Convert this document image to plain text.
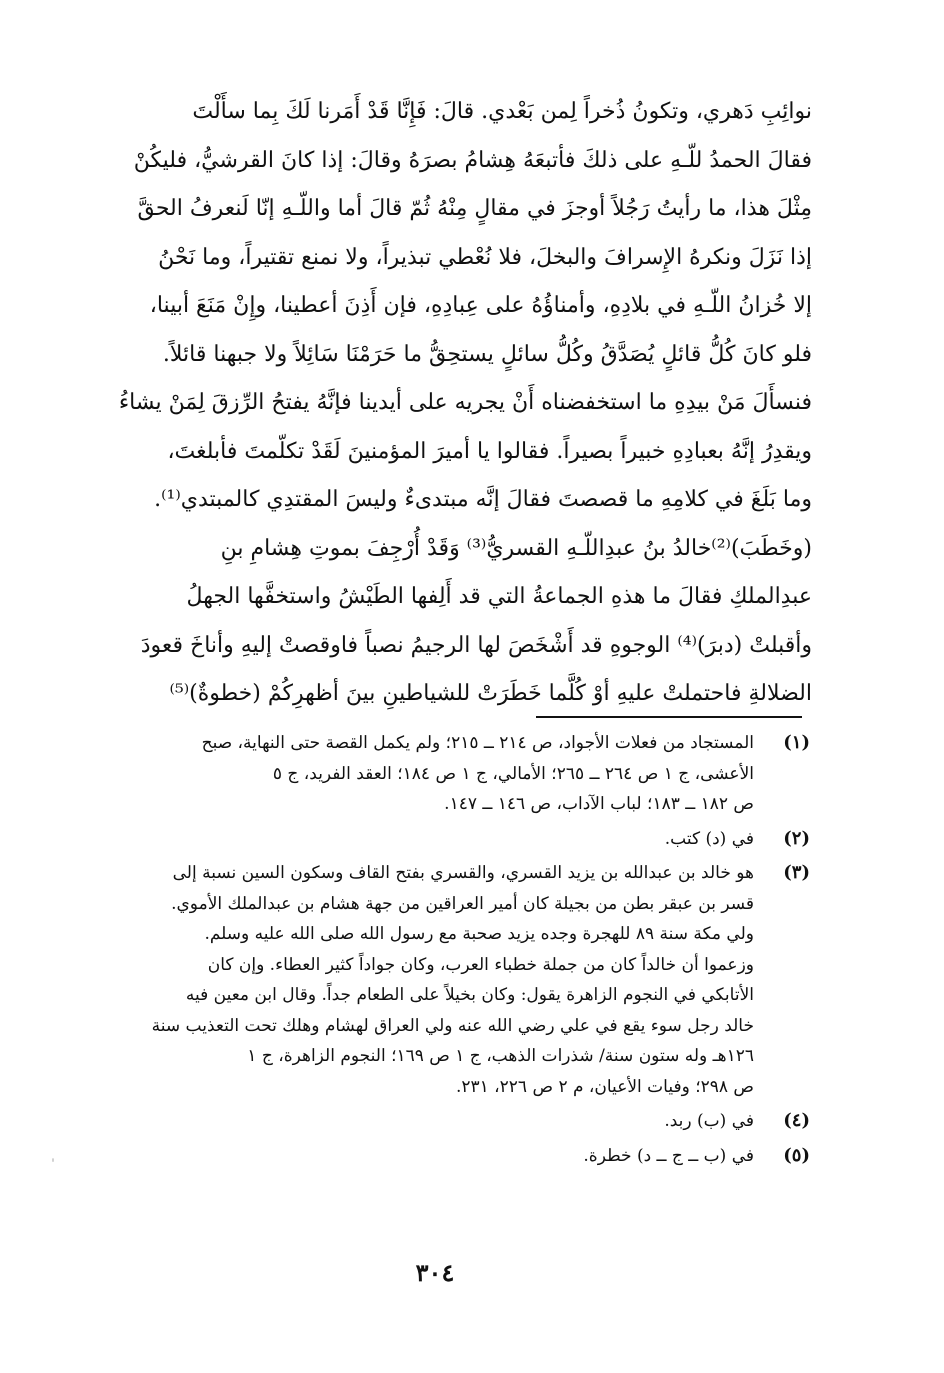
نوائِبِ دَهري، وتكونُ ذُخراً لِمن بَعْدي. قالَ: فَإِنَّا قَدْ أَمَرنا لَكَ بِما سأَلْتَ
فقالَ الحمدُ للّـهِ على ذلكَ فأتبعَهُ هِشامُ بصرَهُ وقالَ: إذا كانَ القرشيُّ، فليكُنْ
مِثْلَ هذا، ما رأيتُ رَجُلاً أوجزَ في مقالٍ مِنْهُ ثُمّ قالَ أما واللّـهِ إنّا لَنعرفُ الحقَّ
إذا نَزَلَ ونكرهُ الإِسرافَ والبخلَ، فلا نُعْطي تبذيراً، ولا نمنع تقتيراً، وما نَحْنُ
إلا خُزانُ اللّـهِ في بلادِهِ، وأمناؤُهُ على عِبادِهِ، فإن أَذِنَ أعطينا، وإِنْ مَنَعَ أبينا،
فلو كانَ كُلُّ قائلٍ يُصَدَّقُ وكُلُّ سائلٍ يستحِقُّ ما حَرَمْنَا سَائِلاً ولا جبهنا قائلاً.
فنسأَلَ مَنْ بيدِهِ ما استخفضناه أَنْ يجريه على أيدينا فإنَّهُ يفتحُ الرِّزقَ لِمَنْ يشاءُ
ويقدِرُ إنَّهُ بعبادِهِ خبيراً بصيراً. فقالوا يا أميرَ المؤمنينَ لَقَدْ تكلّمتَ فأبلغتَ،
وما بَلَغَ في كلامِهِ ما قصصتَ فقالَ إنَّه مبتدىءٌ وليسَ المقتدِي كالمبتدي⁽¹⁾.
(وخَطَبَ)⁽²⁾خالدُ بنُ عبدِاللّـهِ القسريُّ⁽³⁾ وَقَدْ أُرْجِفَ بموتِ هِشامِ بنِ
عبدِالملكِ فقالَ ما هذهِ الجماعةُ التي قد أَلِفها الطَيْشُ واستخفَّها الجهلُ
وأقبلتْ (دبرَ)⁽⁴⁾ الوجوهِ قد أَشْخَصَ لها الرجيمُ نصباً فاوقصتْ إليهِ وأناخَ قعودَ
الضلالةِ فاحتملتْ عليهِ أوْ كُلَّما خَطَرَتْ للشياطينِ بينَ أظهرِكُمْ (خطوةٌ)⁽⁵⁾
(١)
المستجاد من فعلات الأجواد، ص ٢١٤ ــ ٢١٥؛ ولم يكمل القصة حتى النهاية، صبح
الأعشى، ج ١ ص ٢٦٤ ــ ٢٦٥؛ الأمالي، ج ١ ص ١٨٤؛ العقد الفريد، ج ٥
ص ١٨٢ ــ ١٨٣؛ لباب الآداب، ص ١٤٦ ــ ١٤٧.
(٢)
في (د) كتب.
(٣)
هو خالد بن عبدالله بن يزيد القسري، والقسري بفتح القاف وسكون السين نسبة إلى
قسر بن عبقر بطن من بجيلة كان أمير العراقين من جهة هشام بن عبدالملك الأموي.
ولي مكة سنة ٨٩ للهجرة وجده يزيد صحبة مع رسول الله صلى الله عليه وسلم.
وزعموا أن خالداً كان من جملة خطباء العرب، وكان جواداً كثير العطاء. وإن كان
الأتابكي في النجوم الزاهرة يقول: وكان بخيلاً على الطعام جداً. وقال ابن معين فيه
خالد رجل سوء يقع في علي رضي الله عنه ولي العراق لهشام وهلك تحت التعذيب سنة
١٢٦هـ وله ستون سنة/ شذرات الذهب، ج ١ ص ١٦٩؛ النجوم الزاهرة، ج ١
ص ٢٩٨؛ وفيات الأعيان، م ٢ ص ٢٢٦، ٢٣١.
(٤)
في (ب) ربد.
(٥)
في (ب ــ ج ــ د) خطرة.
٣٠٤
